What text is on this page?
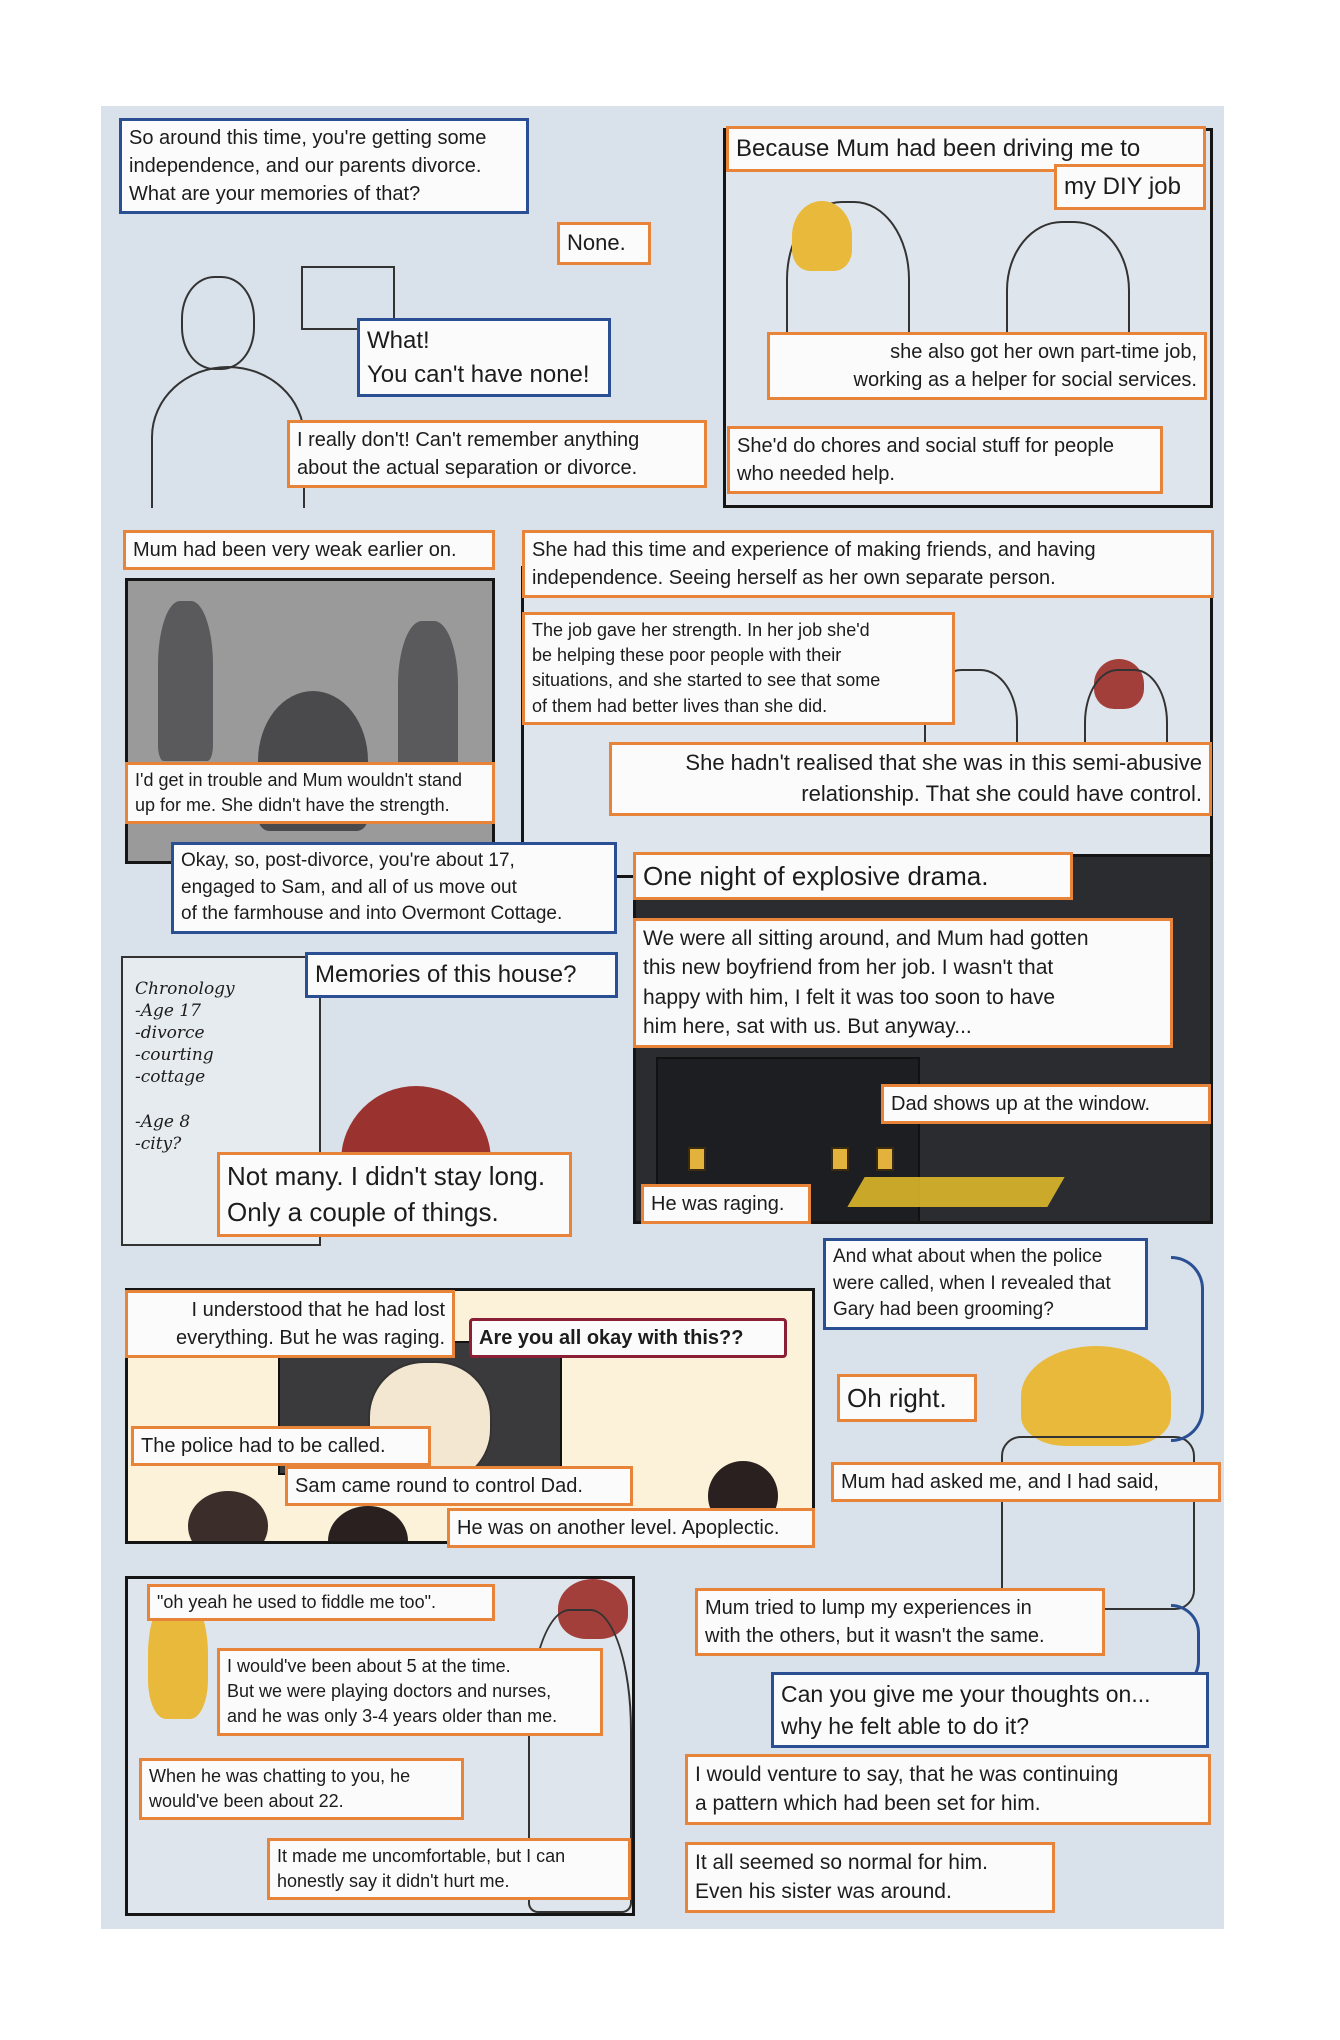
So around this time, you're getting some
independence, and our parents divorce.
What are your memories of that?
None.
What!
You can't have none!
I really don't! Can't remember anything
about the actual separation or divorce.
Because Mum had been driving me to
my DIY job
she also got her own part-time job,
working as a helper for social services.
She'd do chores and social stuff for people
who needed help.
Mum had been very weak earlier on.
I'd get in trouble and Mum wouldn't stand
up for me. She didn't have the strength.
She had this time and experience of making friends, and having
independence. Seeing herself as her own separate person.
The job gave her strength. In her job she'd
be helping these poor people with their
situations, and she started to see that some
of them had better lives than she did.
She hadn't realised that she was in this semi-abusive
relationship. That she could have control.
Chronology
-Age 17
-divorce
-courting
-cottage

-Age 8
-city?
Okay, so, post-divorce, you're about 17,
engaged to Sam, and all of us move out
of the farmhouse and into Overmont Cottage.
Memories of this house?
Not many. I didn't stay long.
Only a couple of things.
One night of explosive drama.
We were all sitting around, and Mum had gotten
this new boyfriend from her job. I wasn't that
happy with him, I felt it was too soon to have
him here, sat with us. But anyway...
Dad shows up at the window.
He was raging.
I understood that he had lost
everything. But he was raging.	Are you all okay with this??
The police had to be called.
Sam came round to control Dad.
He was on another level. Apoplectic.
And what about when the police
were called, when I revealed that
Gary had been grooming?
Oh right.
Mum had asked me, and I had said,
"oh yeah he used to fiddle me too".
I would've been about 5 at the time.
But we were playing doctors and nurses,
and he was only 3-4 years older than me.
When he was chatting to you, he
would've been about 22.
It made me uncomfortable, but I can
honestly say it didn't hurt me.
Mum tried to lump my experiences in
with the others, but it wasn't the same.
Can you give me your thoughts on...
why he felt able to do it?
I would venture to say, that he was continuing
a pattern which had been set for him.
It all seemed so normal for him.
Even his sister was around.
